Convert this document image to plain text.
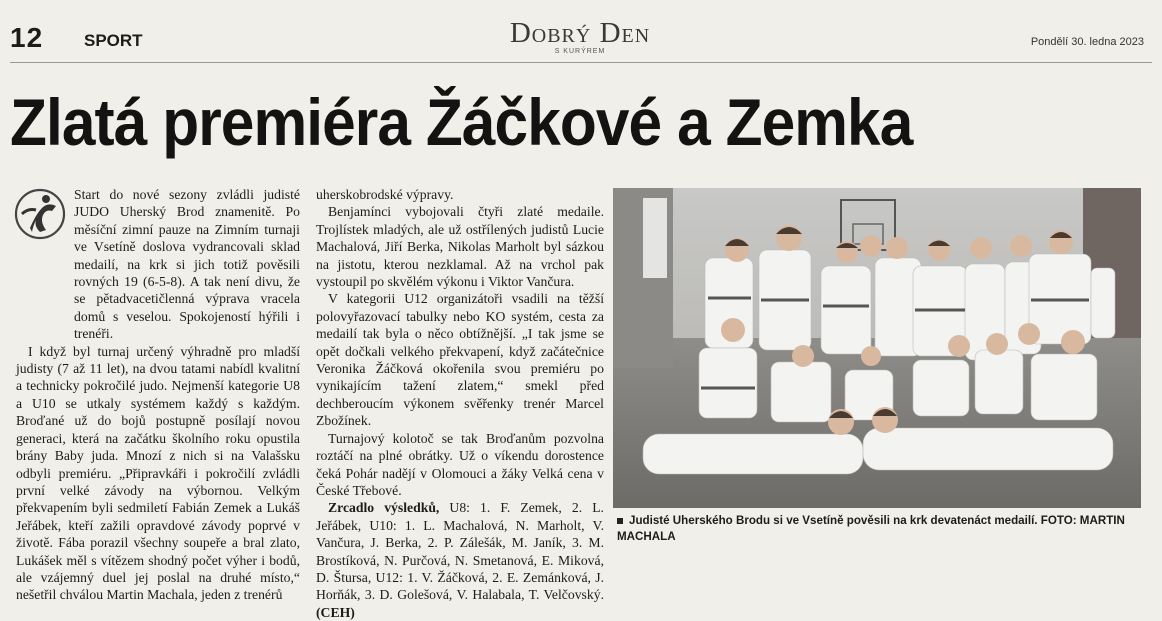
12 SPORT	Dobrý Den
S KURÝREM
Pondělí 30. ledna 2023
Zlatá premiéra Žáčkové a Zemka

Start do nové sezony zvládli judisté JUDO Uherský Brod znamenitě. Po měsíční zimní pauze na Zimním turnaji ve Vsetíně doslova vydrancovali sklad medailí, na krk si jich totiž pověsili rovných 19 (6-5-8). A tak není divu, že se pětadvacetičlenná výprava vracela domů s veselou. Spokojeností hýřili i trenéři.

I když byl turnaj určený výhradně pro mladší judisty (7 až 11 let), na dvou tatami nabídl kvalitní a technicky pokročilé judo. Nejmenší kategorie U8 a U10 se utkaly systémem každý s každým. Broďané už do bojů postupně posílají novou generaci, která na začátku školního roku opustila brány Baby juda. Mnozí z nich si na Valašsku odbyli premiéru. „Připravkáři i pokročilí zvládli první velké závody na výbornou. Velkým překvapením byli sedmiletí Fabián Zemek a Lukáš Jeřábek, kteří zažili opravdové závody poprvé v životě. Fába porazil všechny soupeře a bral zlato, Lukášek měl s vítězem shodný počet výher i bodů, ale vzájemný duel jej poslal na druhé místo,“ nešetřil chválou Martin Machala, jeden z trenérů

uherskobrodské výpravy.

Benjamínci vybojovali čtyři zlaté medaile. Trojlístek mladých, ale už ostřílených judistů Lucie Machalová, Jiří Berka, Nikolas Marholt byl sázkou na jistotu, kterou nezklamal. Až na vrchol pak vystoupil po skvělém výkonu i Viktor Vančura.

V kategorii U12 organizátoři vsadili na těžší polovyřazovací tabulky nebo KO systém, cesta za medailí tak byla o něco obtížnější. „I tak jsme se opět dočkali velkého překvapení, když začátečnice Veronika Žáčková okořenila svou premiéru po vynikajícím tažení zlatem,“ smekl před dechberoucím výkonem svěřenky trenér Marcel Zbožínek.

Turnajový kolotoč se tak Broďanům pozvolna roztáčí na plné obrátky. Už o víkendu dorostence čeká Pohár nadějí v Olomouci a žáky Velká cena v České Třebové.

Zrcadlo výsledků, U8: 1. F. Zemek, 2. L. Jeřábek, U10: 1. L. Machalová, N. Marholt, V. Vančura, J. Berka, 2. P. Zálešák, M. Janík, 3. M. Brostíková, N. Purčová, N. Smetanová, E. Miková, D. Štursa, U12: 1. V. Žáčková, 2. E. Zemánková, J. Horňák, 3. D. Golešová, V. Halabala, T. Velčovský. (CEH)

Judisté Uherského Brodu si ve Vsetíně pověsili na krk devatenáct medailí. FOTO: MARTIN MACHALA
